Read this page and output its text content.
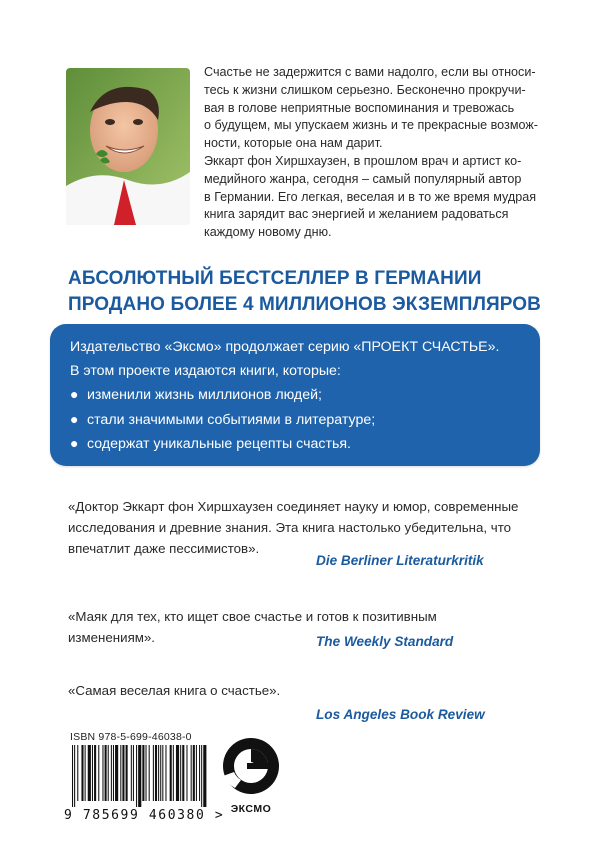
Счастье не задержится с вами надолго, если вы относи-

тесь к жизни слишком серьезно. Бесконечно прокручи-

вая в голове неприятные воспоминания и тревожась

о будущем, мы упускаем жизнь и те прекрасные возмож-

ности, которые она нам дарит.

Эккарт фон Хиршхаузен, в прошлом врач и артист ко-

медийного жанра, сегодня – самый популярный автор

в Германии. Его легкая, веселая и в то же время мудрая

книга зарядит вас энергией и желанием радоваться

каждому новому дню.

АБСОЛЮТНЫЙ БЕСТСЕЛЛЕР В ГЕРМАНИИ
ПРОДАНО БОЛЕЕ 4 МИЛЛИОНОВ ЭКЗЕМПЛЯРОВ
Издательство «Эксмо» продолжает серию «ПРОЕКТ СЧАСТЬЕ».
В этом проекте издаются книги, которые:
● изменили жизнь миллионов людей;
● стали значимыми событиями в литературе;
● содержат уникальные рецепты счастья.
«Доктор Эккарт фон Хиршхаузен соединяет науку и юмор, современные исследования и древние знания. Эта книга настолько убедительна, что впечатлит даже пессимистов».
Die Berliner Literaturkritik
«Маяк для тех, кто ищет свое счастье и готов к позитивным изменениям».	The Weekly Standard
«Самая веселая книга о счастье».
Los Angeles Book Review
ISBN 978-5-699-46038-0
9 785699 460380 > ЭКСМО
